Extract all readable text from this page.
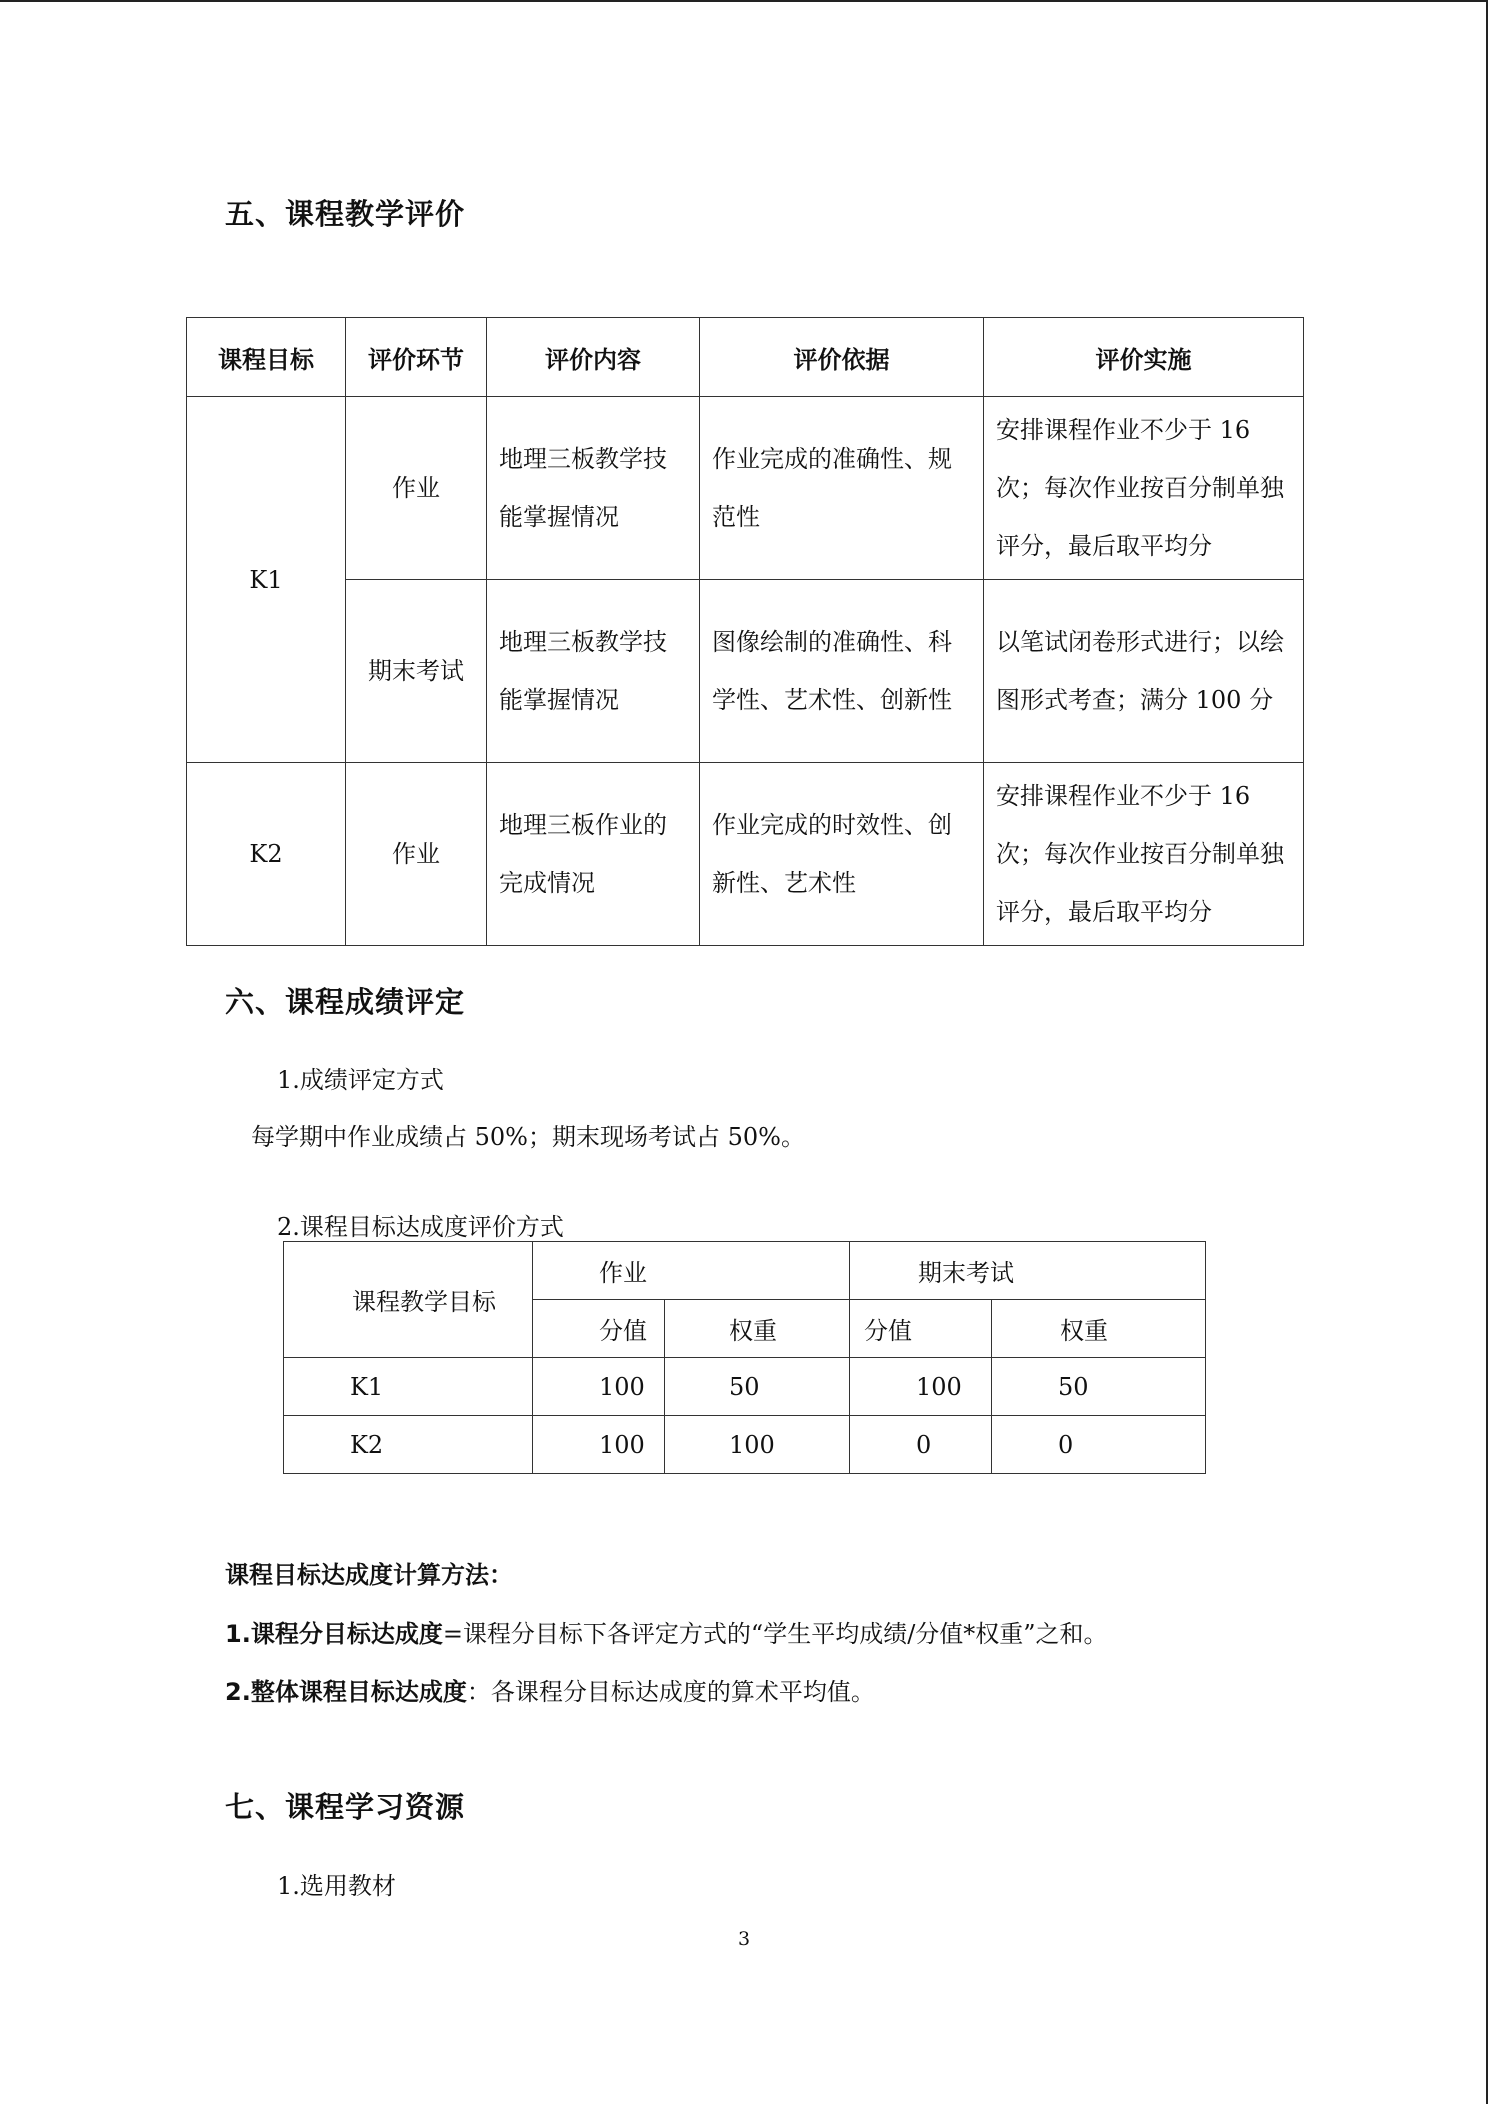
五、课程教学评价
课程目标	评价环节	评价内容	评价依据	评价实施
K1	作业	地理三板教学技能掌握情况	作业完成的准确性、规范性	安排课程作业不少于 16 次；每次作业按百分制单独评分，最后取平均分
	期末考试	地理三板教学技能掌握情况	图像绘制的准确性、科学性、艺术性、创新性	以笔试闭卷形式进行；以绘图形式考查；满分 100 分
K2	作业	地理三板作业的完成情况	作业完成的时效性、创新性、艺术性	安排课程作业不少于 16 次；每次作业按百分制单独评分，最后取平均分
六、课程成绩评定

1.成绩评定方式

每学期中作业成绩占 50%；期末现场考试占 50%。

2.课程目标达成度评价方式

课程教学目标	作业		期末考试	
	分值	权重	分值	权重
K1	100	50	100	50
K2	100	100	0	0

课程目标达成度计算方法：

1.课程分目标达成度=课程分目标下各评定方式的“学生平均成绩/分值*权重”之和。

2.整体课程目标达成度：各课程分目标达成度的算术平均值。

七、课程学习资源

1.选用教材

3
